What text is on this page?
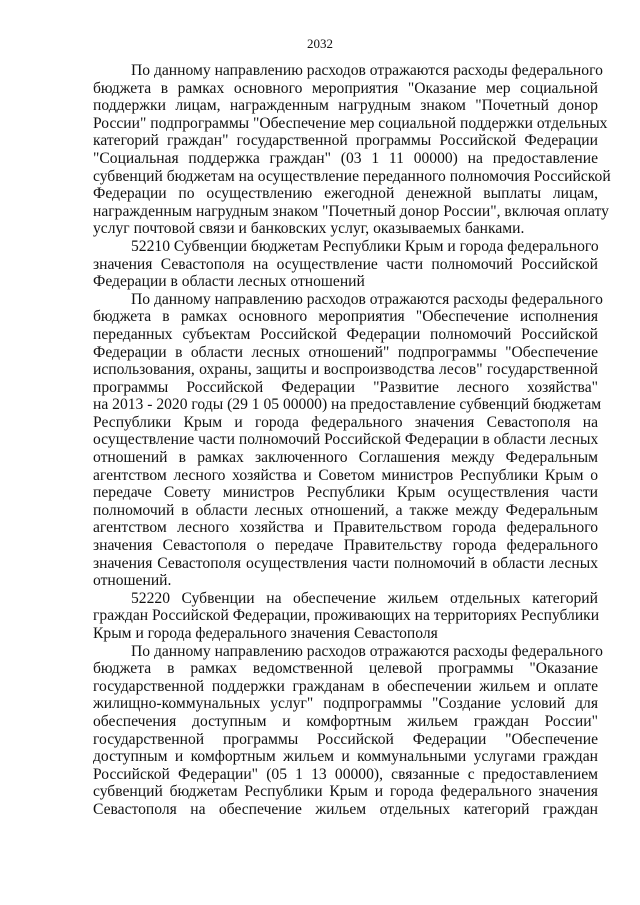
2032
По данному направлению расходов отражаются расходы федерального
бюджета в рамках основного мероприятия "Оказание мер социальной
поддержки лицам, награжденным нагрудным знаком "Почетный донор
России" подпрограммы "Обеспечение мер социальной поддержки отдельных
категорий граждан" государственной программы Российской Федерации
"Социальная поддержка граждан" (03 1 11 00000) на предоставление
субвенций бюджетам на осуществление переданного полномочия Российской
Федерации по осуществлению ежегодной денежной выплаты лицам,
награжденным нагрудным знаком "Почетный донор России", включая оплату
услуг почтовой связи и банковских услуг, оказываемых банками.
52210 Субвенции бюджетам Республики Крым и города федерального
значения Севастополя на осуществление части полномочий Российской
Федерации в области лесных отношений
По данному направлению расходов отражаются расходы федерального
бюджета в рамках основного мероприятия "Обеспечение исполнения
переданных субъектам Российской Федерации полномочий Российской
Федерации в области лесных отношений" подпрограммы "Обеспечение
использования, охраны, защиты и воспроизводства лесов" государственной
программы Российской Федерации "Развитие лесного хозяйства"
на 2013 - 2020 годы (29 1 05 00000) на предоставление субвенций бюджетам
Республики Крым и города федерального значения Севастополя на
осуществление части полномочий Российской Федерации в области лесных
отношений в рамках заключенного Соглашения между Федеральным
агентством лесного хозяйства и Советом министров Республики Крым о
передаче Совету министров Республики Крым осуществления части
полномочий в области лесных отношений, а также между Федеральным
агентством лесного хозяйства и Правительством города федерального
значения Севастополя о передаче Правительству города федерального
значения Севастополя осуществления части полномочий в области лесных
отношений.
52220 Субвенции на обеспечение жильем отдельных категорий
граждан Российской Федерации, проживающих на территориях Республики
Крым и города федерального значения Севастополя
По данному направлению расходов отражаются расходы федерального
бюджета в рамках ведомственной целевой программы "Оказание
государственной поддержки гражданам в обеспечении жильем и оплате
жилищно-коммунальных услуг" подпрограммы "Создание условий для
обеспечения доступным и комфортным жильем граждан России"
государственной программы Российской Федерации "Обеспечение
доступным и комфортным жильем и коммунальными услугами граждан
Российской Федерации" (05 1 13 00000), связанные с предоставлением
субвенций бюджетам Республики Крым и города федерального значения
Севастополя на обеспечение жильем отдельных категорий граждан
